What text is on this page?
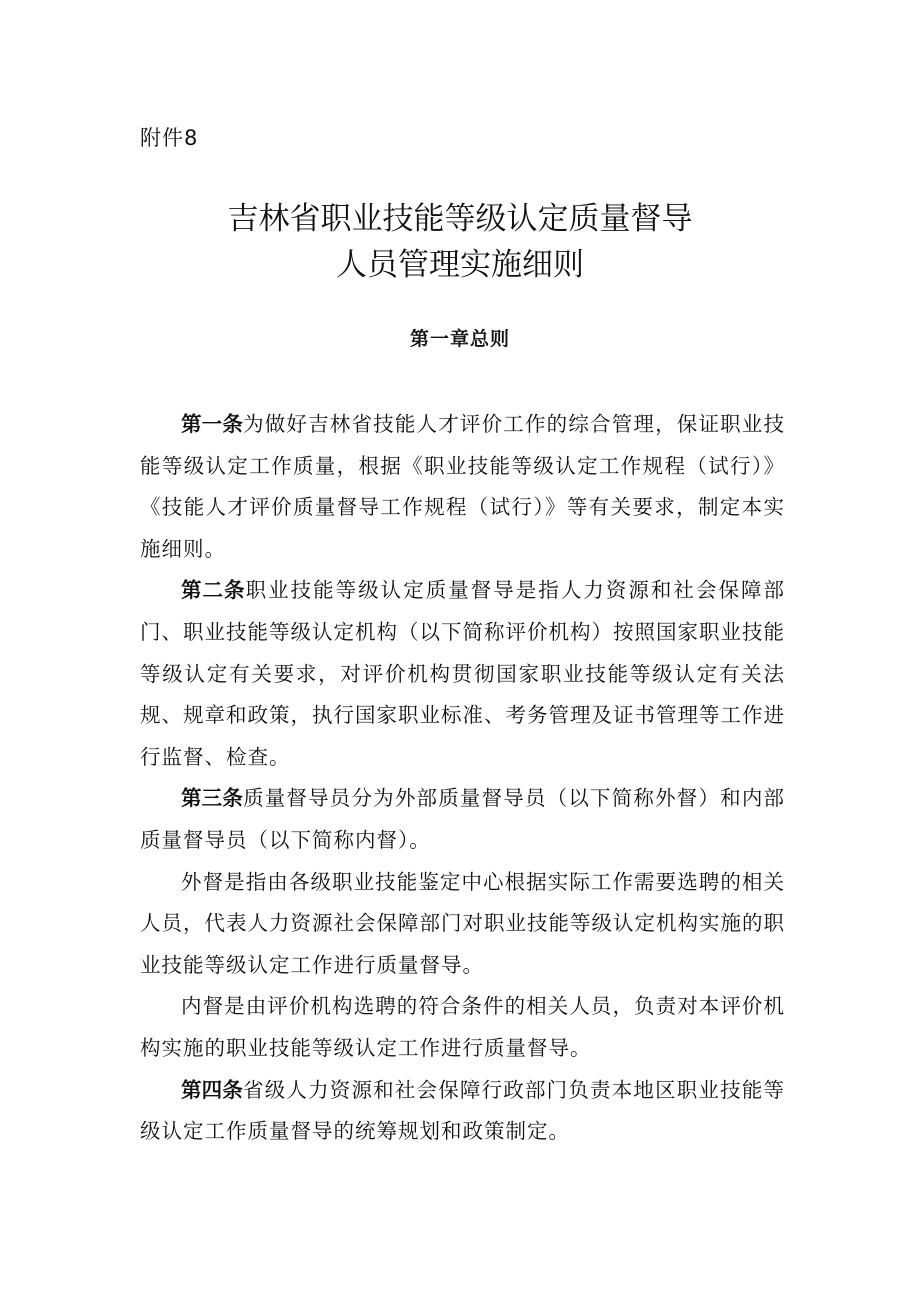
附件8
吉林省职业技能等级认定质量督导
人员管理实施细则
第一章总则

第一条为做好吉林省技能人才评价工作的综合管理，保证职业技能等级认定工作质量，根据《职业技能等级认定工作规程（试行）》《技能人才评价质量督导工作规程（试行）》等有关要求，制定本实施细则。

第二条职业技能等级认定质量督导是指人力资源和社会保障部门、职业技能等级认定机构（以下简称评价机构）按照国家职业技能等级认定有关要求，对评价机构贯彻国家职业技能等级认定有关法规、规章和政策，执行国家职业标准、考务管理及证书管理等工作进行监督、检查。

第三条质量督导员分为外部质量督导员（以下简称外督）和内部质量督导员（以下简称内督）。

外督是指由各级职业技能鉴定中心根据实际工作需要选聘的相关人员，代表人力资源社会保障部门对职业技能等级认定机构实施的职业技能等级认定工作进行质量督导。

内督是由评价机构选聘的符合条件的相关人员，负责对本评价机构实施的职业技能等级认定工作进行质量督导。

第四条省级人力资源和社会保障行政部门负责本地区职业技能等级认定工作质量督导的统筹规划和政策制定。
